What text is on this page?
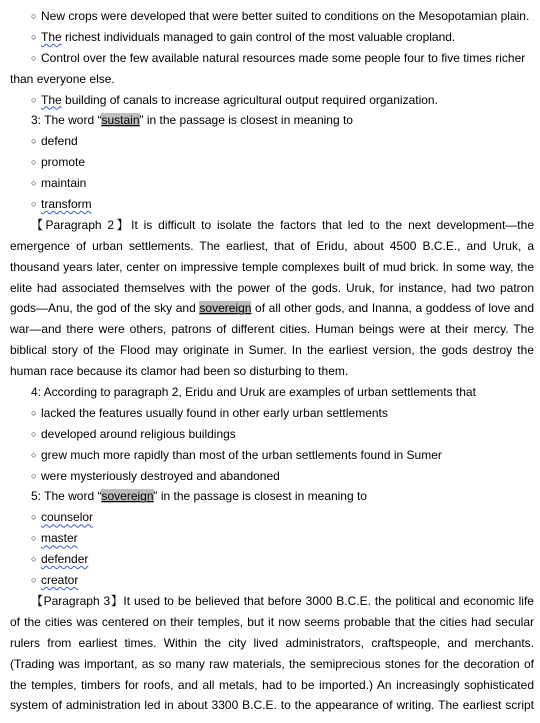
○ New crops were developed that were better suited to conditions on the Mesopotamian plain.
○ The richest individuals managed to gain control of the most valuable cropland.
○ Control over the few available natural resources made some people four to five times richer
than everyone else.
○ The building of canals to increase agricultural output required organization.
3: The word “sustain” in the passage is closest in meaning to
○ defend
○ promote
○ maintain
○ transform
【Paragraph 2】It is difficult to isolate the factors that led to the next development—the
emergence of urban settlements. The earliest, that of Eridu, about 4500 B.C.E., and Uruk, a
thousand years later, center on impressive temple complexes built of mud brick. In some way, the
elite had associated themselves with the power of the gods. Uruk, for instance, had two patron
gods—Anu, the god of the sky and sovereign of all other gods, and Inanna, a goddess of love and
war—and there were others, patrons of different cities. Human beings were at their mercy. The
biblical story of the Flood may originate in Sumer. In the earliest version, the gods destroy the
human race because its clamor had been so disturbing to them.
4: According to paragraph 2, Eridu and Uruk are examples of urban settlements that
○ lacked the features usually found in other early urban settlements
○ developed around religious buildings
○ grew much more rapidly than most of the urban settlements found in Sumer
○ were mysteriously destroyed and abandoned
5: The word “sovereign” in the passage is closest in meaning to
○ counselor
○ master
○ defender
○ creator
【Paragraph 3】It used to be believed that before 3000 B.C.E. the political and economic life
of the cities was centered on their temples, but it now seems probable that the cities had secular
rulers from earliest times. Within the city lived administrators, craftspeople, and merchants.
(Trading was important, as so many raw materials, the semiprecious stones for the decoration of
the temples, timbers for roofs, and all metals, had to be imported.) An increasingly sophisticated
system of administration led in about 3300 B.C.E. to the appearance of writing. The earliest script
